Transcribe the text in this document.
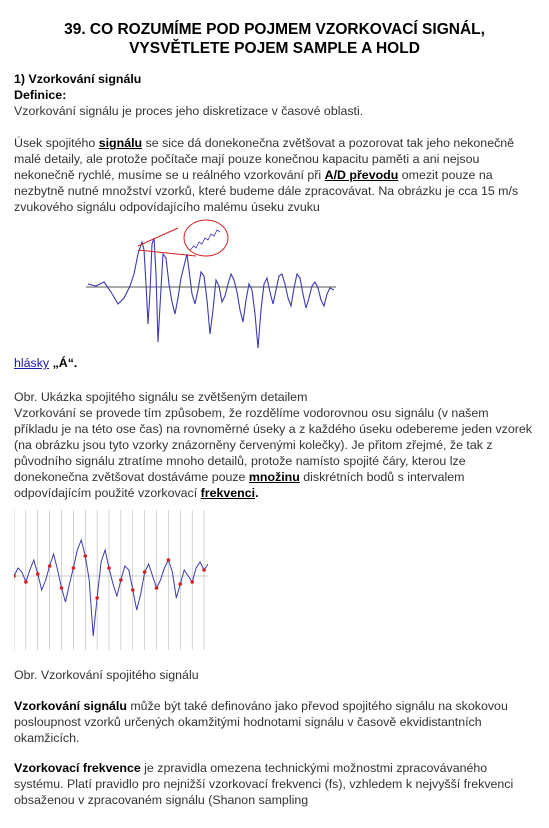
39. CO ROZUMÍME POD POJMEM VZORKOVACÍ SIGNÁL,
VYSVĚTLETE POJEM SAMPLE A HOLD
1) Vzorkování signálu
Definice:
Vzorkování signálu je proces jeho diskretizace v časové oblasti.
Úsek spojitého signálu se sice dá donekonečna zvětšovat a pozorovat tak jeho nekonečně malé detaily, ale protože počítače mají pouze konečnou kapacitu paměti a ani nejsou nekonečně rychlé, musíme se u reálného vzorkování při A/D převodu omezit pouze na nezbytně nutné množství vzorků, které budeme dále zpracovávat. Na obrázku je cca 15 m/s zvukového signálu odpovídajícího malému úseku zvuku
hlásky „Á“.
Obr. Ukázka spojitého signálu se zvětšeným detailem
Vzorkování se provede tím způsobem, že rozdělíme vodorovnou osu signálu (v našem příkladu je na této ose čas) na rovnoměrné úseky a z každého úseku odebereme jeden vzorek (na obrázku jsou tyto vzorky znázorněny červenými kolečky). Je přitom zřejmé, že tak z původního signálu ztratíme mnoho detailů, protože namísto spojité čáry, kterou lze donekonečna zvětšovat dostáváme pouze množinu diskrétních bodů s intervalem odpovídajícím použité vzorkovací frekvenci.
Obr. Vzorkování spojitého signálu
Vzorkování signálu může být také definováno jako převod spojitého signálu na skokovou posloupnost vzorků určených okamžitými hodnotami signálu v časově ekvidistantních okamžicích.
Vzorkovací frekvence je zpravidla omezena technickými možnostmi zpracovávaného systému. Platí pravidlo pro nejnižší vzorkovací frekvenci (fs), vzhledem k nejvyšší frekvenci obsaženou v zpracovaném signálu (Shanon sampling
